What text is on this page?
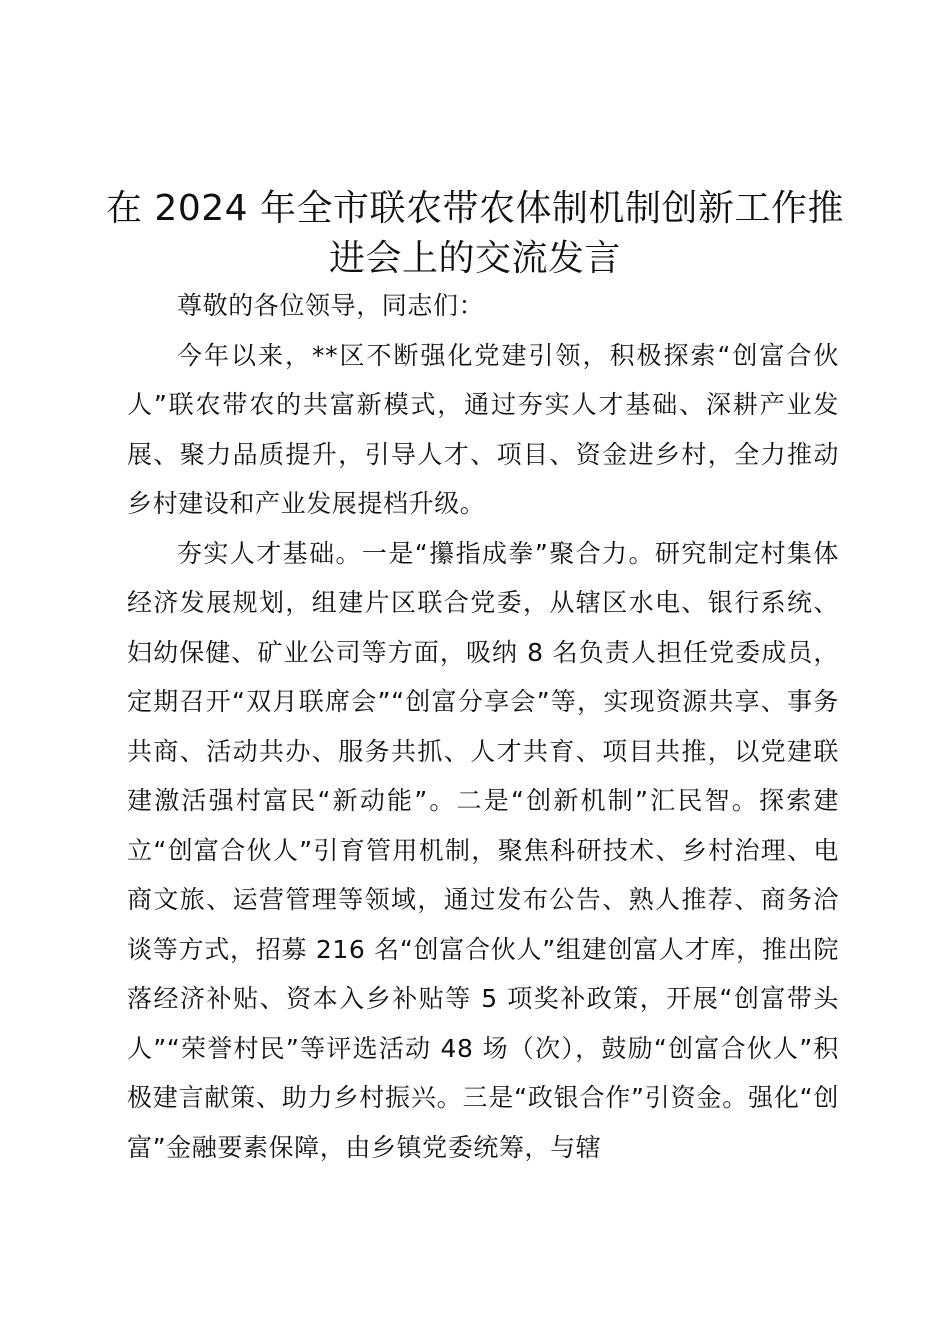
在 2024 年全市联农带农体制机制创新工作推进会上的交流发言

尊敬的各位领导，同志们：

今年以来，**区不断强化党建引领，积极探索“创富合伙人”联农带农的共富新模式，通过夯实人才基础、深耕产业发展、聚力品质提升，引导人才、项目、资金进乡村，全力推动乡村建设和产业发展提档升级。

夯实人才基础。一是“攥指成拳”聚合力。研究制定村集体经济发展规划，组建片区联合党委，从辖区水电、银行系统、妇幼保健、矿业公司等方面，吸纳 8 名负责人担任党委成员，定期召开“双月联席会”“创富分享会”等，实现资源共享、事务共商、活动共办、服务共抓、人才共育、项目共推，以党建联建激活强村富民“新动能”。二是“创新机制”汇民智。探索建立“创富合伙人”引育管用机制，聚焦科研技术、乡村治理、电商文旅、运营管理等领域，通过发布公告、熟人推荐、商务洽谈等方式，招募 216 名“创富合伙人”组建创富人才库，推出院落经济补贴、资本入乡补贴等 5 项奖补政策，开展“创富带头人”“荣誉村民”等评选活动 48 场（次），鼓励“创富合伙人”积极建言献策、助力乡村振兴。三是“政银合作”引资金。强化“创富”金融要素保障，由乡镇党委统筹，与辖
